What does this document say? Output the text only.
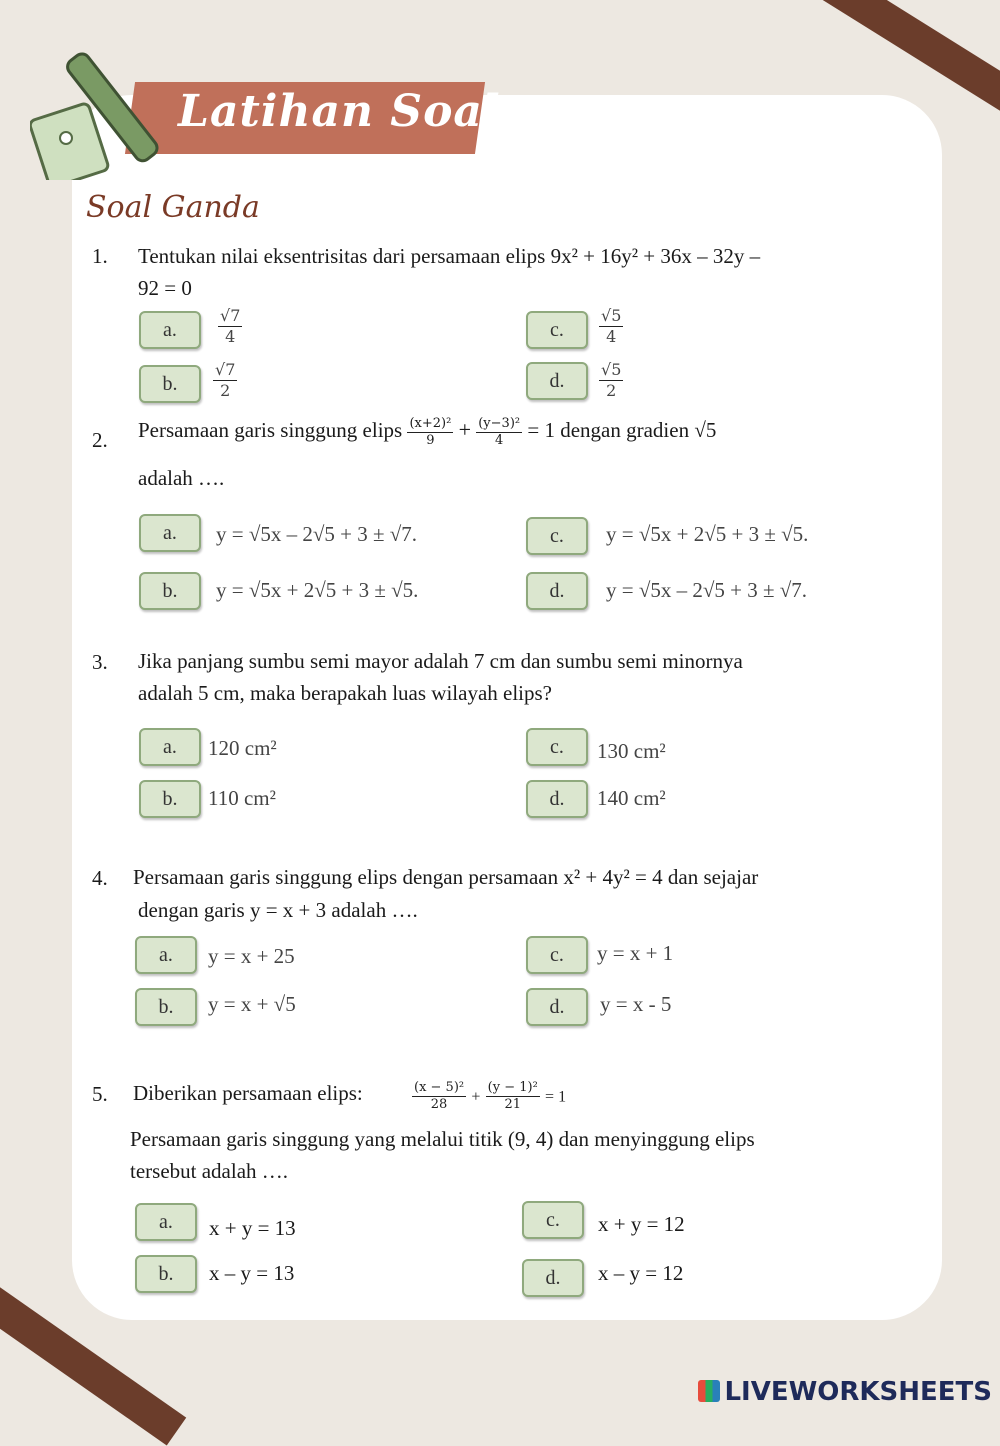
Latihan Soal
Soal Ganda
1. Tentukan nilai eksentrisitas dari persamaan elips 9x² + 16y² + 36x – 32y –
92 = 0
a.	$\frac{√7}{4}$
b.	$\frac{√7}{2}$
c.	$\frac{√5}{4}$
d.	$\frac{√5}{2}$
2. Persamaan garis singgung elips $\frac{\text{(x+2)²}}{9} + \frac{\text{(y−3)²}}{4} = 1$ dengan gradien √5
adalah ….
a.	y = √5x – 2√5 + 3 ± √7.
b.	y = √5x + 2√5 + 3 ± √5.
c.	y = √5x + 2√5 + 3 ± √5.
d.	y = √5x – 2√5 + 3 ± √7.
3. Jika panjang sumbu semi mayor adalah 7 cm dan sumbu semi minornya
adalah 5 cm, maka berapakah luas wilayah elips?
a.	120 cm²
b.	110 cm²
c.	130 cm²
d.	140 cm²
4. Persamaan garis singgung elips dengan persamaan x² + 4y² = 4 dan sejajar
dengan garis y = x + 3 adalah ….
a.	y = x + 25
b.	y = x + √5
c.	y = x + 1
d.	y = x - 5
5. Diberikan persamaan elips:	$\frac{\text{(x − 5)²}}{28} + \frac{\text{(y − 1)²}}{21} = 1$
Persamaan garis singgung yang melalui titik (9, 4) dan menyinggung elips
tersebut adalah ….
a.	x + y = 13
b.	x – y = 13
c.	x + y = 12
d.	x – y = 12
LIVEWORKSHEETS
